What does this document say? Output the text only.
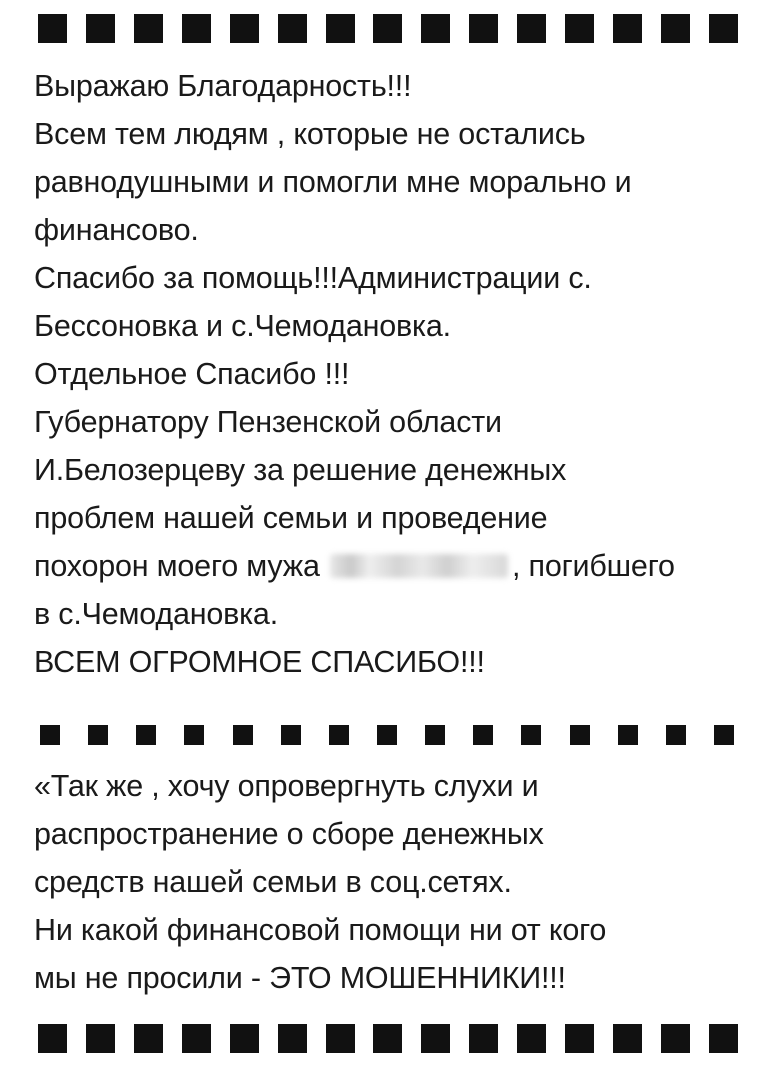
Выражаю Благодарность!!!
Всем тем людям , которые не остались
равнодушными и помогли мне морально и
финансово.
Спасибо за помощь!!!Администрации с.
Бессоновка и с.Чемодановка.
Отдельное Спасибо !!!
Губернатору Пензенской области
И.Белозерцеву за решение денежных
проблем нашей семьи и проведение
похорон моего мужа	, погибшего
в с.Чемодановка.
ВСЕМ ОГРОМНОЕ СПАСИБО!!!
«Так же , хочу опровергнуть слухи и
распространение о сборе денежных
средств нашей семьи в соц.сетях.
Ни какой финансовой помощи ни от кого
мы не просили - ЭТО МОШЕННИКИ!!!
